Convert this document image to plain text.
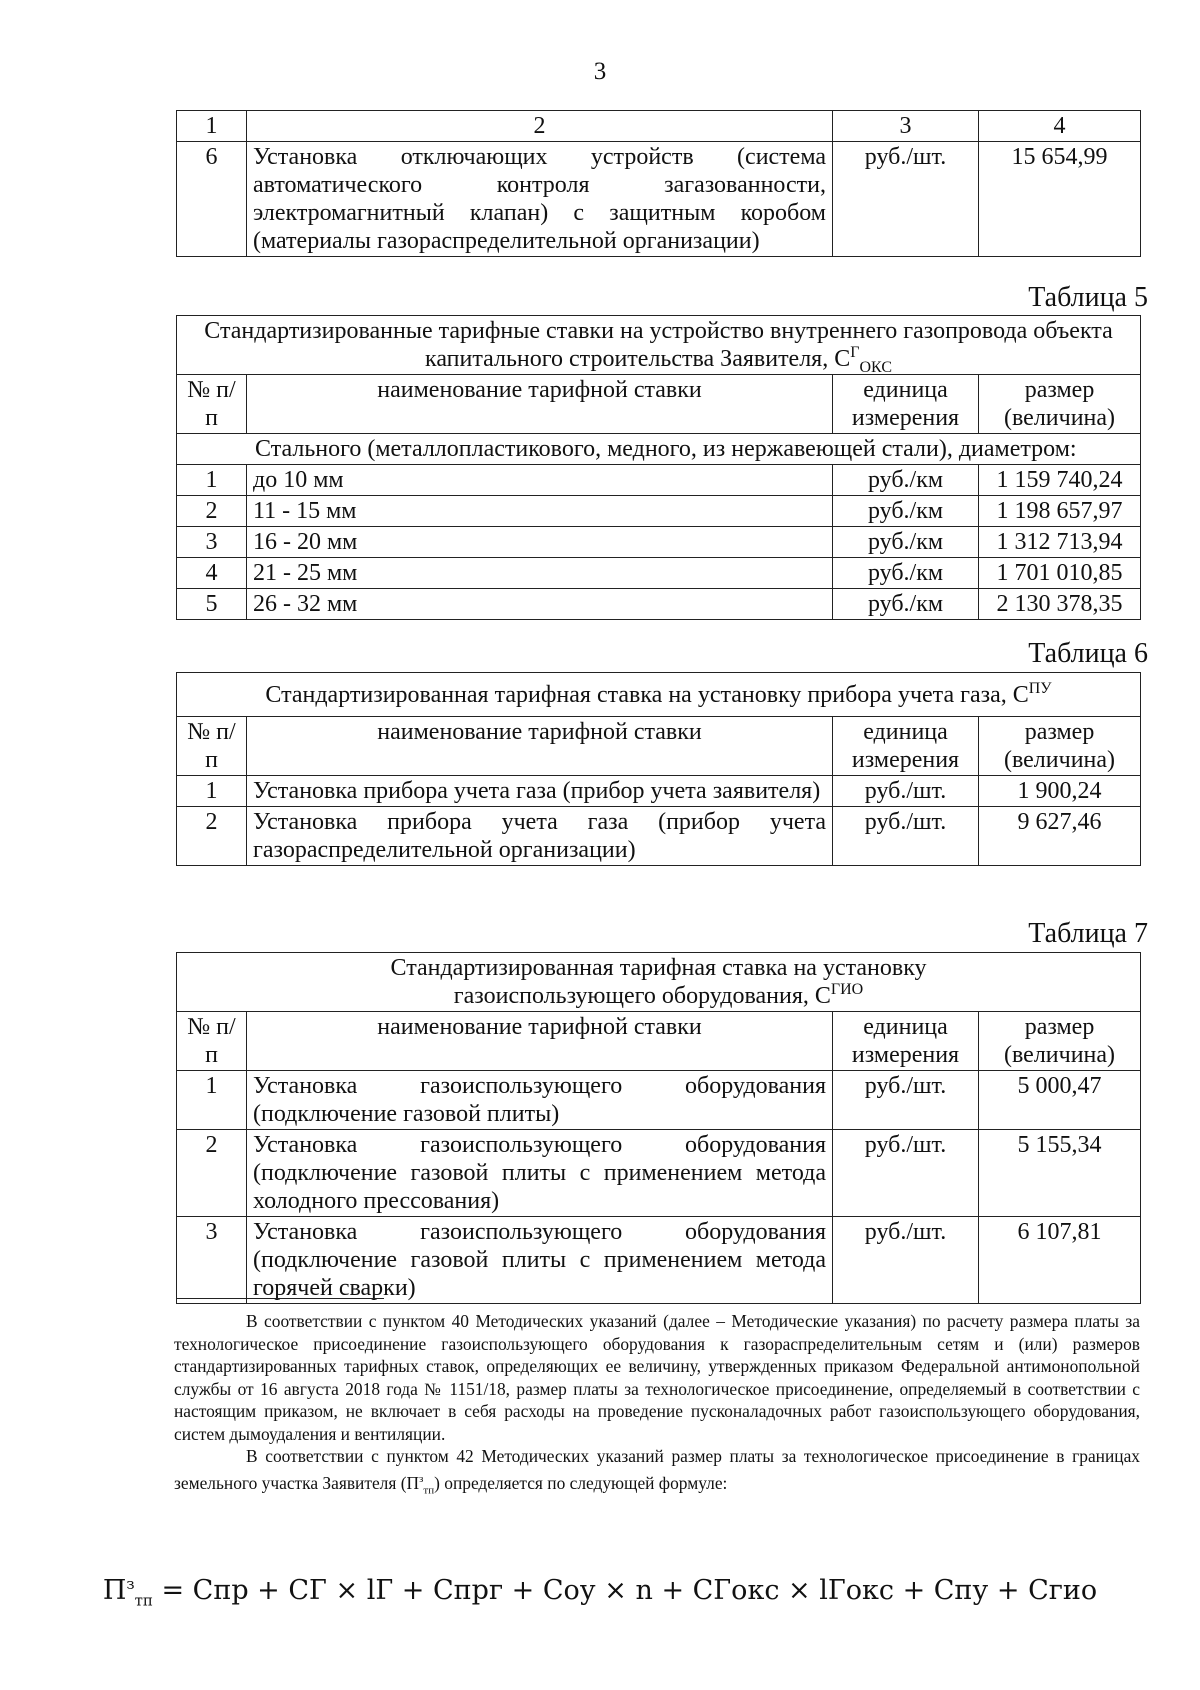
3
1	2	3	4
6	Установка отключающих устройств (система автоматического контроля загазованности, электромагнитный клапан) с защитным коробом (материалы газораспределительной организации)	руб./шт.	15 654,99
Таблица 5
Стандартизированные тарифные ставки на устройство внутреннего газопровода объекта капитального строительства Заявителя, $С^Г_{ОКС}$
№ п/п	наименование тарифной ставки	единица измерения	размер (величина)
Стального (металлопластикового, медного, из нержавеющей стали), диаметром:			
1	до 10 мм	руб./км	1 159 740,24
2	11 - 15 мм	руб./км	1 198 657,97
3	16 - 20 мм	руб./км	1 312 713,94
4	21 - 25 мм	руб./км	1 701 010,85
5	26 - 32 мм	руб./км	2 130 378,35
Таблица 6
Стандартизированная тарифная ставка на установку прибора учета газа, $С^{ПУ}$
№ п/п	наименование тарифной ставки	единица измерения	размер (величина)
1	Установка прибора учета газа (прибор учета заявителя)	руб./шт.	1 900,24
2	Установка прибора учета газа (прибор учета газораспределительной организации)	руб./шт.	9 627,46
Таблица 7
Стандартизированная тарифная ставка на установку
газоиспользующего оборудования, $С^{ГИО}$

№ п/п	наименование тарифной ставки	единица измерения	размер (величина)
1	Установка газоиспользующего оборудования (подключение газовой плиты)	руб./шт.	5 000,47
2	Установка газоиспользующего оборудования (подключение газовой плиты с применением метода холодного прессования)	руб./шт.	5 155,34
3	Установка газоиспользующего оборудования (подключение газовой плиты с применением метода горячей сварки)	руб./шт.	6 107,81

В соответствии с пунктом 40 Методических указаний (далее – Методические указания) по расчету размера платы за технологическое присоединение газоиспользующего оборудования к газораспределительным сетям и (или) размеров стандартизированных тарифных ставок, определяющих ее величину, утвержденных приказом Федеральной антимонопольной службы от 16 августа 2018 года № 1151/18, размер платы за технологическое присоединение, определяемый в соответствии с настоящим приказом, не включает в себя расходы на проведение пусконаладочных работ газоиспользующего оборудования, систем дымоудаления и вентиляции.

В соответствии с пунктом 42 Методических указаний размер платы за технологическое присоединение в границах земельного участка Заявителя $(П^з_{тп})$ определяется по следующей формуле:

$П^з_{тп}$ = Спр + СГ × lГ + Спрг + Соу × n + СГокс × lГокс + Спу + Сгио
